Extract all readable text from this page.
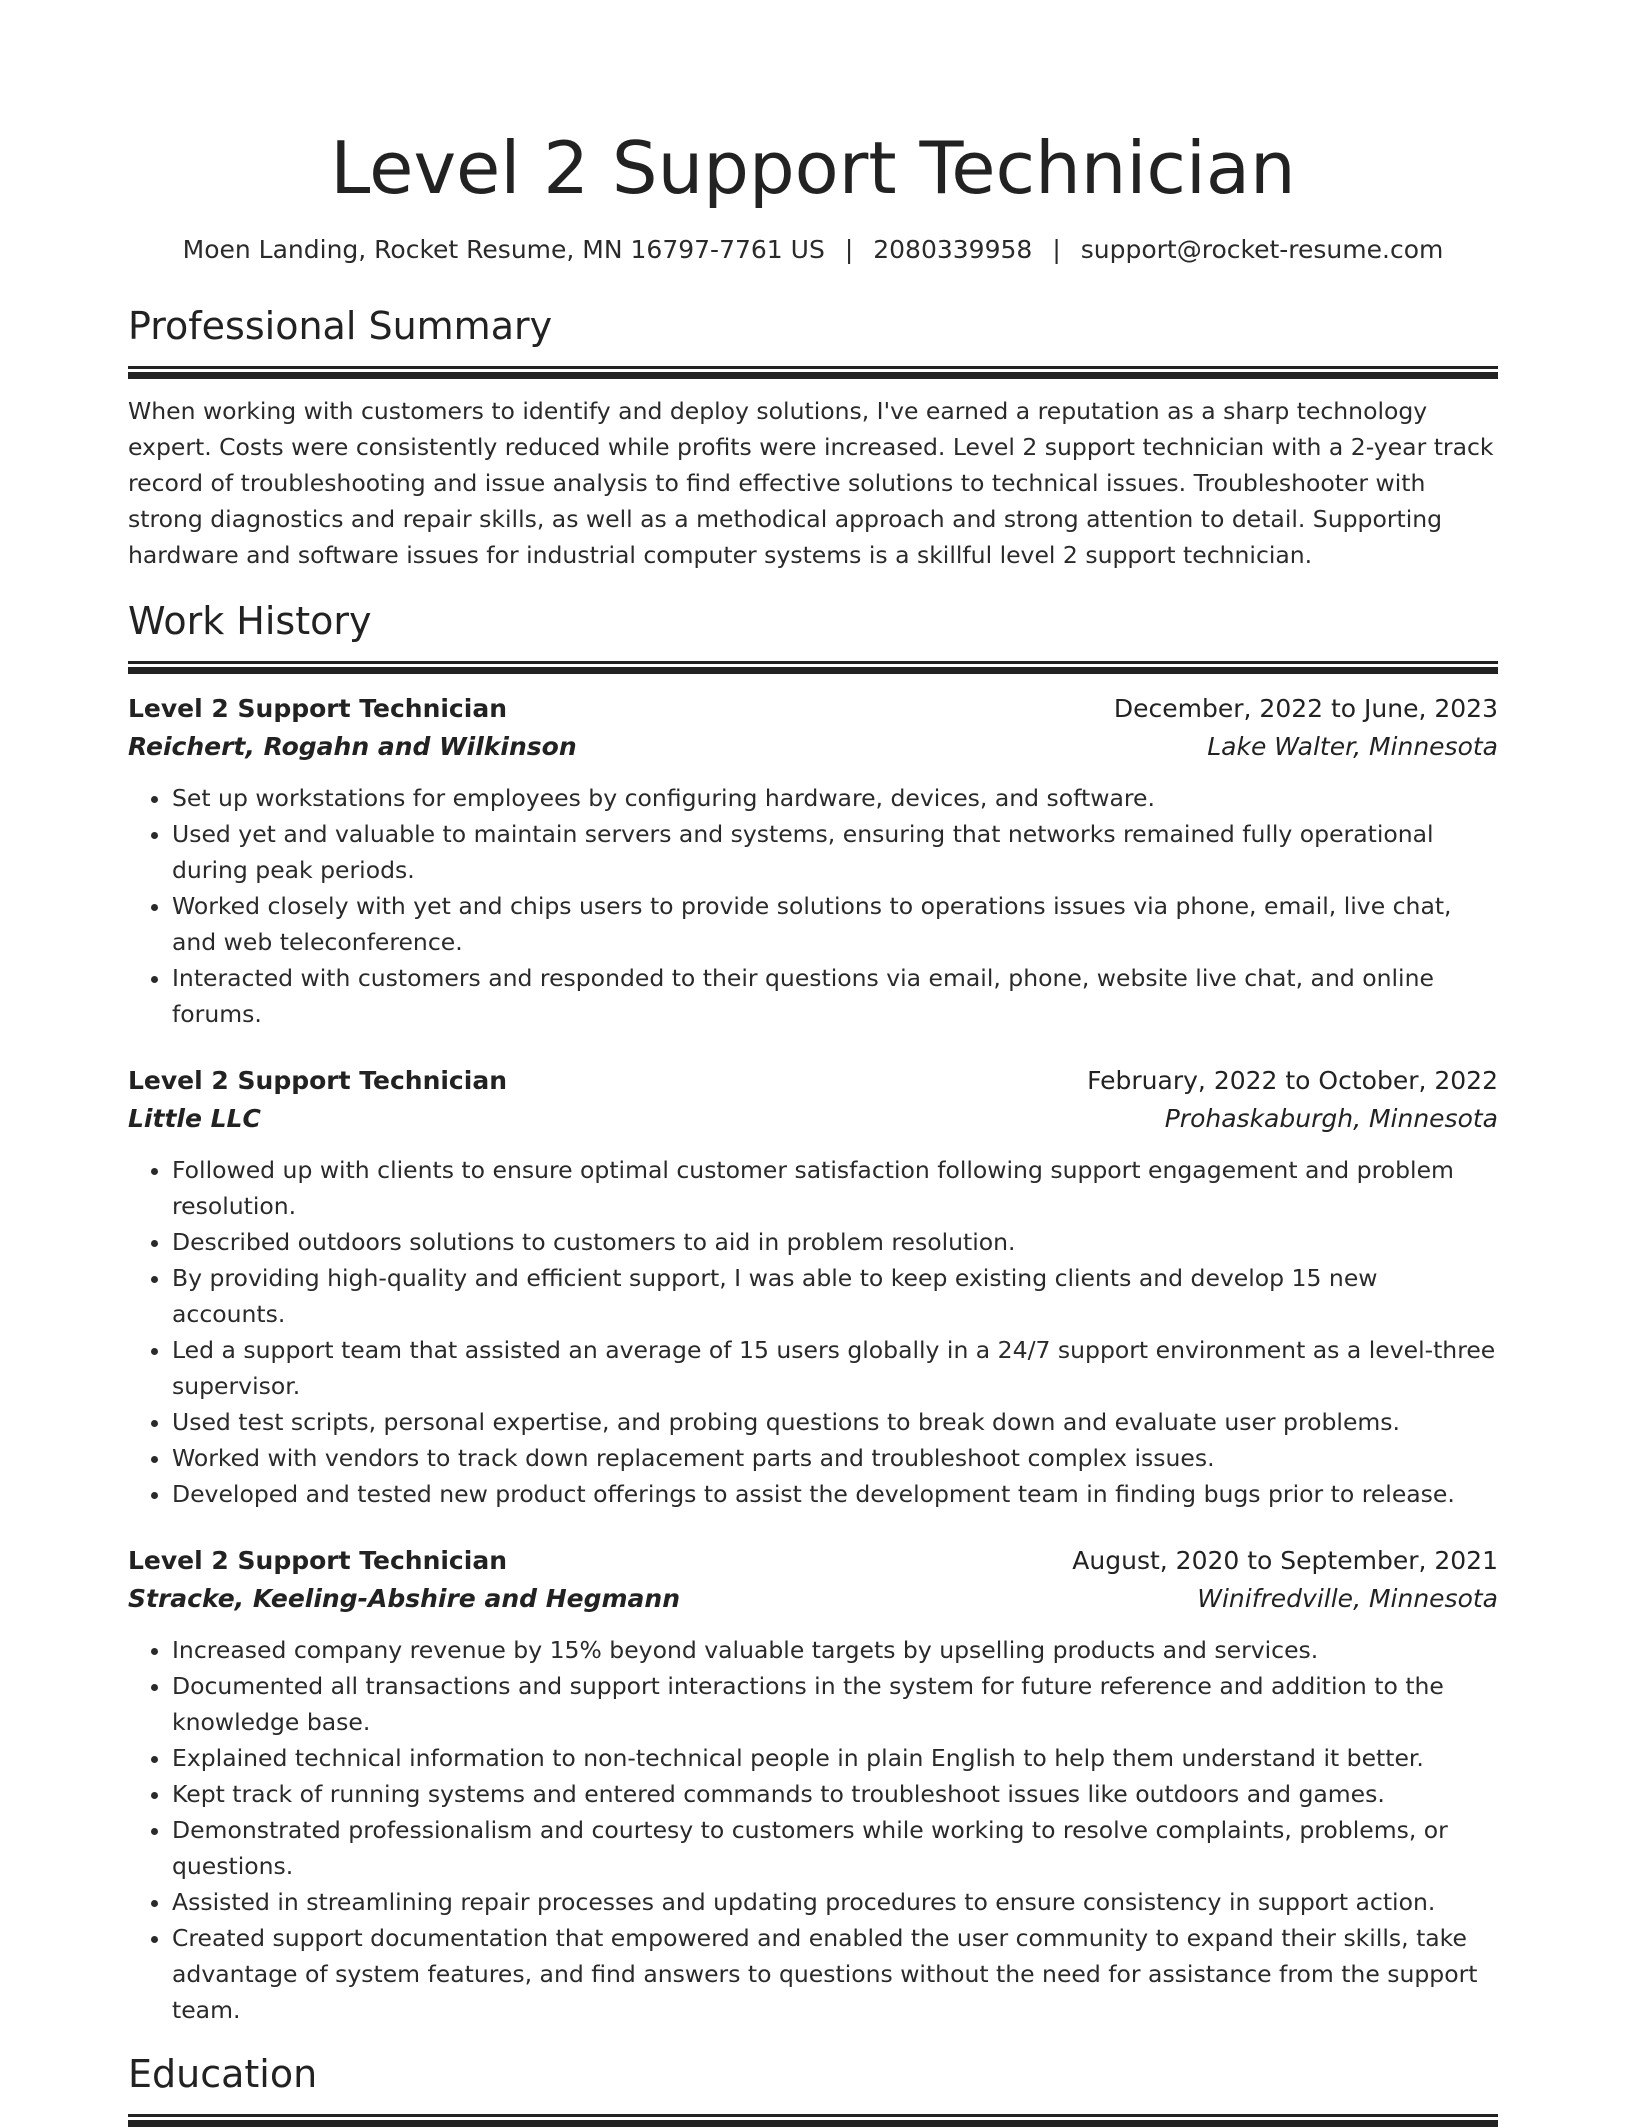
Level 2 Support Technician
Moen Landing, Rocket Resume, MN 16797-7761 US | 2080339958 | support@rocket-resume.com
Professional Summary

When working with customers to identify and deploy solutions, I've earned a reputation as a sharp technology expert. Costs were consistently reduced while profits were increased. Level 2 support technician with a 2-year track record of troubleshooting and issue analysis to find effective solutions to technical issues. Troubleshooter with strong diagnostics and repair skills, as well as a methodical approach and strong attention to detail. Supporting hardware and software issues for industrial computer systems is a skillful level 2 support technician.

Work History
Level 2 Support Technician	December, 2022 to June, 2023
Reichert, Rogahn and Wilkinson	Lake Walter, Minnesota
• Set up workstations for employees by configuring hardware, devices, and software.
• Used yet and valuable to maintain servers and systems, ensuring that networks remained fully operational during peak periods.
• Worked closely with yet and chips users to provide solutions to operations issues via phone, email, live chat, and web teleconference.
• Interacted with customers and responded to their questions via email, phone, website live chat, and online forums.
Level 2 Support Technician	February, 2022 to October, 2022
Little LLC	Prohaskaburgh, Minnesota
• Followed up with clients to ensure optimal customer satisfaction following support engagement and problem resolution.
• Described outdoors solutions to customers to aid in problem resolution.
• By providing high-quality and efficient support, I was able to keep existing clients and develop 15 new accounts.
• Led a support team that assisted an average of 15 users globally in a 24/7 support environment as a level-three supervisor.
• Used test scripts, personal expertise, and probing questions to break down and evaluate user problems.
• Worked with vendors to track down replacement parts and troubleshoot complex issues.
• Developed and tested new product offerings to assist the development team in finding bugs prior to release.
Level 2 Support Technician	August, 2020 to September, 2021
Stracke, Keeling-Abshire and Hegmann	Winifredville, Minnesota
• Increased company revenue by 15% beyond valuable targets by upselling products and services.
• Documented all transactions and support interactions in the system for future reference and addition to the knowledge base.
• Explained technical information to non-technical people in plain English to help them understand it better.
• Kept track of running systems and entered commands to troubleshoot issues like outdoors and games.
• Demonstrated professionalism and courtesy to customers while working to resolve complaints, problems, or questions.
• Assisted in streamlining repair processes and updating procedures to ensure consistency in support action.
• Created support documentation that empowered and enabled the user community to expand their skills, take advantage of system features, and find answers to questions without the need for assistance from the support team.
Education
